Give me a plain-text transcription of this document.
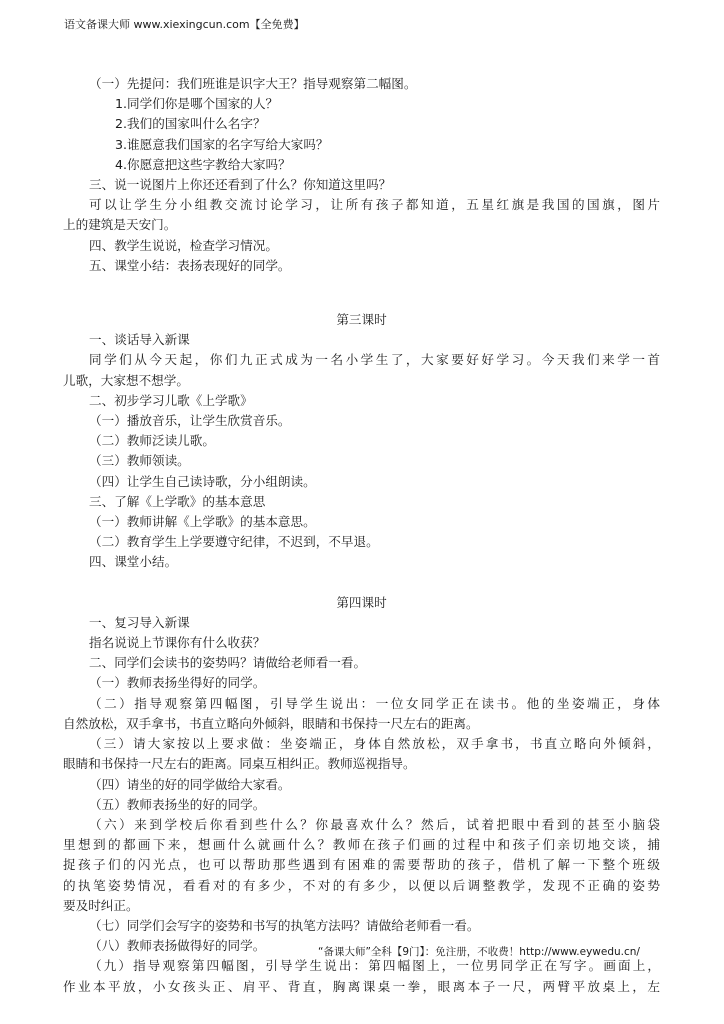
语文备课大师 www.xiexingcun.com【全免费】
（一）先提问：我们班谁是识字大王？指导观察第二幅图。
1.同学们你是哪个国家的人？
2.我们的国家叫什么名字？
3.谁愿意我们国家的名字写给大家吗？
4.你愿意把这些字教给大家吗？
三、说一说图片上你还还看到了什么？你知道这里吗？
可以让学生分小组教交流讨论学习，让所有孩子都知道，五星红旗是我国的国旗，图片
上的建筑是天安门。
四、教学生说说，检查学习情况。
五、课堂小结：表扬表现好的同学。
第三课时
一、谈话导入新课
同学们从今天起，你们九正式成为一名小学生了，大家要好好学习。今天我们来学一首
儿歌，大家想不想学。
二、初步学习儿歌《上学歌》
（一）播放音乐，让学生欣赏音乐。
（二）教师泛读儿歌。
（三）教师领读。
（四）让学生自己读诗歌，分小组朗读。
三、了解《上学歌》的基本意思
（一）教师讲解《上学歌》的基本意思。
（二）教育学生上学要遵守纪律，不迟到，不早退。
四、课堂小结。
第四课时
一、复习导入新课
指名说说上节课你有什么收获？
二、同学们会读书的姿势吗？请做给老师看一看。
（一）教师表扬坐得好的同学。
（二）指导观察第四幅图，引导学生说出：一位女同学正在读书。他的坐姿端正，身体
自然放松，双手拿书，书直立略向外倾斜，眼睛和书保持一尺左右的距离。
（三）请大家按以上要求做：坐姿端正，身体自然放松，双手拿书，书直立略向外倾斜，
眼睛和书保持一尺左右的距离。同桌互相纠正。教师巡视指导。
（四）请坐的好的同学做给大家看。
（五）教师表扬坐的好的同学。
（六）来到学校后你看到些什么？你最喜欢什么？然后，试着把眼中看到的甚至小脑袋
里想到的都画下来，想画什么就画什么？教师在孩子们画的过程中和孩子们亲切地交谈，捕
捉孩子们的闪光点，也可以帮助那些遇到有困难的需要帮助的孩子，借机了解一下整个班级
的执笔姿势情况，看看对的有多少，不对的有多少，以便以后调整教学，发现不正确的姿势
要及时纠正。
（七）同学们会写字的姿势和书写的执笔方法吗？请做给老师看一看。
（八）教师表扬做得好的同学。
（九）指导观察第四幅图，引导学生说出：第四幅图上，一位男同学正在写字。画面上，
作业本平放，小女孩头正、肩平、背直，胸离课桌一拳，眼离本子一尺，两臂平放桌上，左
“备课大师”全科【9门】：免注册，不收费！http://www.eywedu.cn/
